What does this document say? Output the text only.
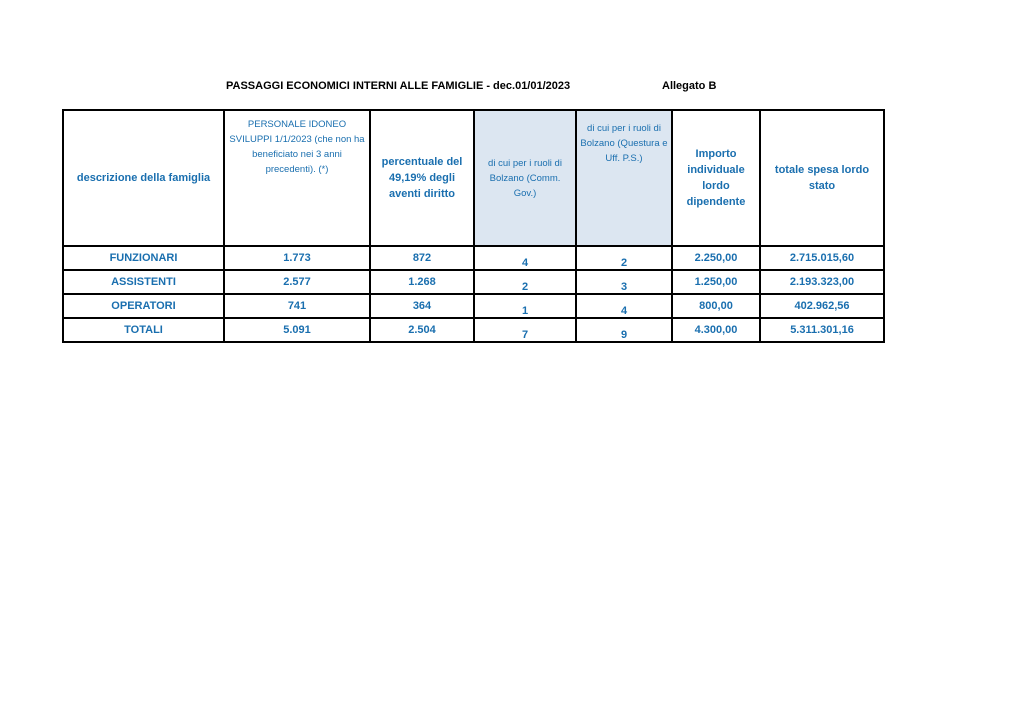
PASSAGGI ECONOMICI INTERNI ALLE FAMIGLIE - dec.01/01/2023	Allegato B
descrizione della famiglia	PERSONALE IDONEO SVILUPPI 1/1/2023 (che non ha beneficiato nei 3 anni precedenti). (*)	percentuale del 49,19% degli aventi diritto	di cui per i ruoli di Bolzano (Comm. Gov.)	di cui per i ruoli di Bolzano (Questura e Uff. P.S.)	Importo individuale lordo dipendente	totale spesa lordo stato
FUNZIONARI	1.773	872	4	2	2.250,00	2.715.015,60
ASSISTENTI	2.577	1.268	2	3	1.250,00	2.193.323,00
OPERATORI	741	364	1	4	800,00	402.962,56
TOTALI	5.091	2.504	7	9	4.300,00	5.311.301,16
